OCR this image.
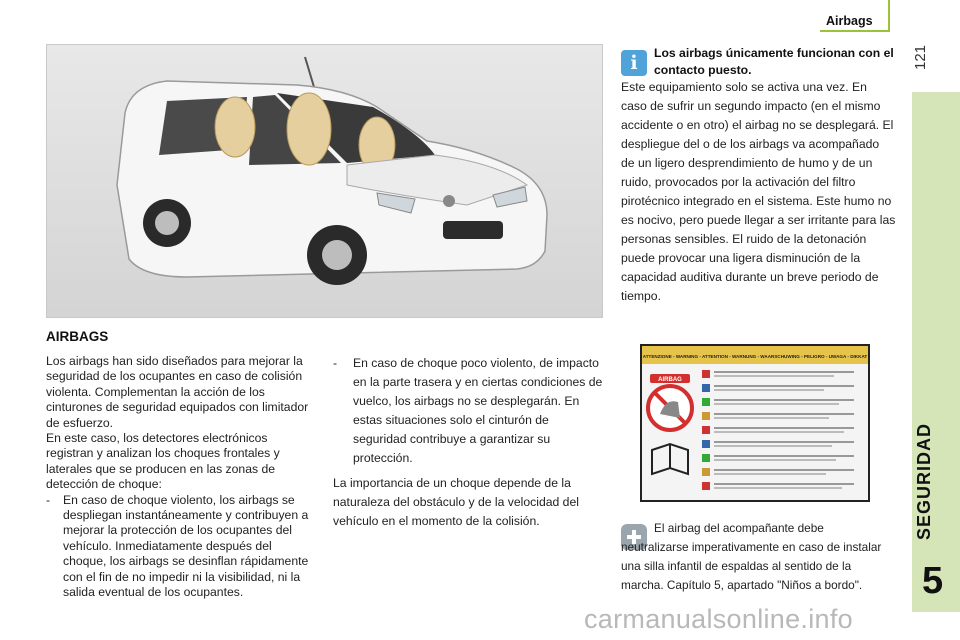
Airbags
121
SEGURIDAD
5
AIRBAGS

Los airbags han sido diseñados para mejorar la seguridad de los ocupantes en caso de colisión violenta. Complementan la acción de los cinturones de seguridad equipados con limitador de esfuerzo.

En este caso, los detectores electrónicos registran y analizan los choques frontales y laterales que se producen en las zonas de detección de choque:

- En caso de choque violento, los airbags se despliegan instantáneamente y contribuyen a mejorar la protección de los ocupantes del vehículo. Inmediatamente después del choque, los airbags se desinflan rápidamente con el fin de no impedir ni la visibilidad, ni la salida eventual de los ocupantes.
- En caso de choque poco violento, de impacto en la parte trasera y en ciertas condiciones de vuelco, los airbags no se desplegarán. En estas situaciones solo el cinturón de seguridad contribuye a garantizar su protección.

La importancia de un choque depende de la naturaleza del obstáculo y de la velocidad del vehículo en el momento de la colisión.

i	Los airbags únicamente funcionan con el contacto puesto.
Este equipamiento solo se activa una vez. En caso de sufrir un segundo impacto (en el mismo accidente o en otro) el airbag no se desplegará. El despliegue del o de los airbags va acompañado de un ligero desprendimiento de humo y de un ruido, provocados por la activación del filtro pirotécnico integrado en el sistema. Este humo no es nocivo, pero puede llegar a ser irritante para las personas sensibles. El ruido de la detonación puede provocar una ligera disminución de la capacidad auditiva durante un breve periodo de tiempo.
ATTENZIONE - WARNING - ATTENTION - WARNUNG - WAARSCHUWING - PELIGRO - UWAGA - DIKKAT
AIRBAG
El airbag del acompañante debe neutralizarse imperativamente en caso de instalar una silla infantil de espaldas al sentido de la marcha. Capítulo 5, apartado "Niños a bordo".
carmanualsonline.info
